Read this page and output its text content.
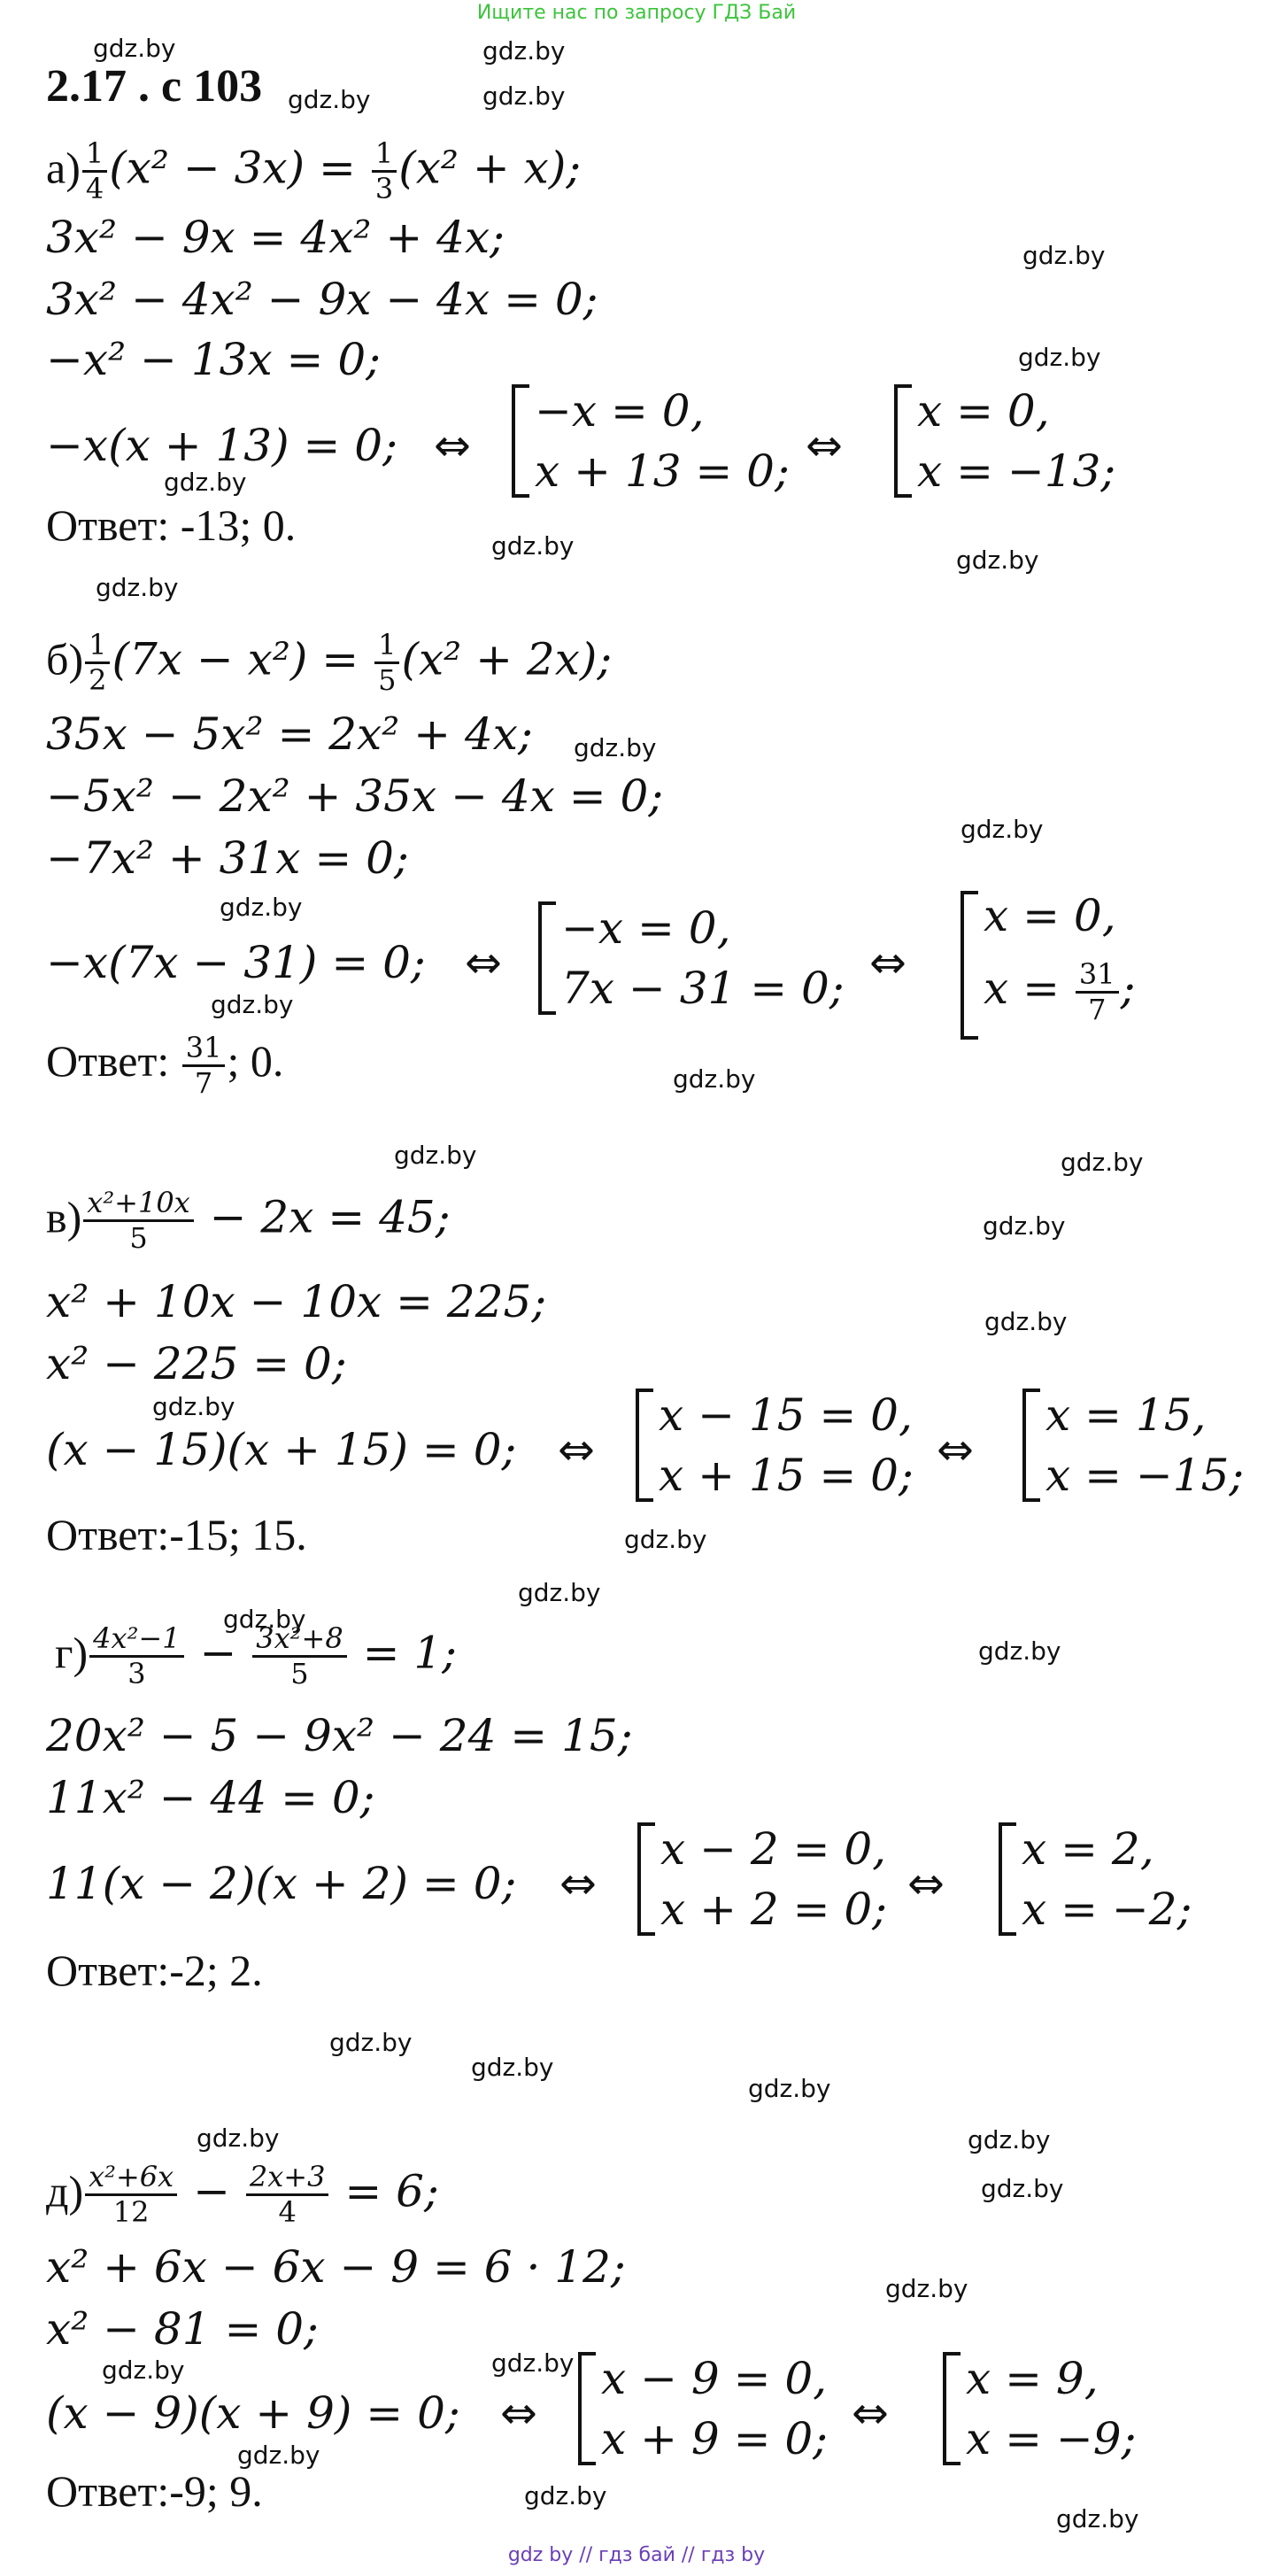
Ищите нас по запросу ГДЗ Бай
gdz.by
gdz.by
gdz.by
gdz.by
gdz.by
gdz.by
gdz.by
gdz.by	gdz.by
gdz.by
gdz.by
gdz.by
gdz.by
gdz.by
gdz.by
gdz.by	gdz.by
gdz.by
gdz.by
gdz.by
gdz.by
gdz.by
gdz.by
gdz.by
gdz.by
gdz.by
gdz.by
gdz.by	gdz.by
gdz.by
gdz.by
gdz.by
gdz.by
gdz.by
gdz.by
gdz.by
2.17 . с 103
$а) \frac{1}{4} (x^2 - 3x) = \frac{1}{3} (x^2 + x)$;
3x² − 9x = 4x² + 4x;
3x² − 4x² − 9x − 4x = 0;
−x² − 13x = 0;
−x(x + 13) = 0; ⇔
−x = 0,
x + 13 = 0; ⇔
x = 0,
x = −13;
Ответ: -13; 0.
$б) \frac{1}{2} (7x - x^2) = \frac{1}{5} (x^2 + 2x)$;
35x − 5x² = 2x² + 4x;
−5x² − 2x² + 35x − 4x = 0;
−7x² + 31x = 0;
−x(7x − 31) = 0; ⇔
−x = 0,
7x − 31 = 0; ⇔
x = 0,
$x = \frac{31}{7}$ ;
Ответ: $\frac{31}{7}$ ; 0.
$в) \frac{\text{x²+10x}}{5} - 2x = 45$;
x² + 10x − 10x = 225;
x² − 225 = 0;
(x − 15)(x + 15) = 0; ⇔
x − 15 = 0,
x + 15 = 0; ⇔
x = 15,
x = −15;
Ответ:-15; 15.
$г) \frac{\text{4x²−1}}{3} - \frac{\text{3x²+8}}{5} = 1$;
20x² − 5 − 9x² − 24 = 15;
11x² − 44 = 0;
11(x − 2)(x + 2) = 0; ⇔
x − 2 = 0,
x + 2 = 0; ⇔
x = 2,
x = −2;
Ответ:-2; 2.
$д) \frac{\text{x²+6x}}{12} - \frac{2x+3}{4} = 6$;
x² + 6x − 6x − 9 = 6 · 12;
x² − 81 = 0;
(x − 9)(x + 9) = 0; ⇔
x − 9 = 0,
x + 9 = 0; ⇔
x = 9,
x = −9;
Ответ:-9; 9.
gdz by // гдз бай // гдз by
